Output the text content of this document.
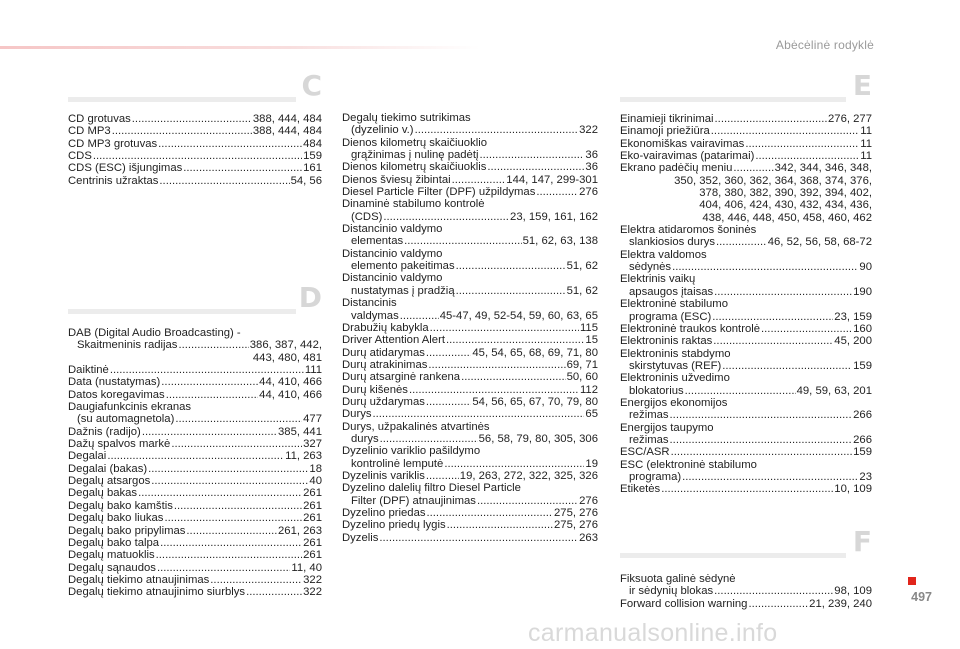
Abėcėlinė rodyklė
C
CD grotuvas .....	388, 444, 484
CD MP3 .....	388, 444, 484
CD MP3 grotuvas .....	484
CDS .....	159
CDS (ESC) išjungimas .....	161
Centrinis užraktas .....	54, 56
D
DAB (Digital Audio Broadcasting) -
Skaitmeninis radijas .....	386, 387, 442,
443, 480, 481
Daiktinė .....	111
Data (nustatymas) .....	44, 410, 466
Datos koregavimas .....	44, 410, 466
Daugiafunkcinis ekranas
(su automagnetola) .....	477
Dažnis (radijo) .....	385, 441
Dažų spalvos markė .....	327
Degalai .....	11, 263
Degalai (bakas) .....	18
Degalų atsargos .....	40
Degalų bakas .....	261
Degalų bako kamštis .....	261
Degalų bako liukas .....	261
Degalų bako pripylimas .....	261, 263
Degalų bako talpa .....	261
Degalų matuoklis .....	261
Degalų sąnaudos .....	11, 40
Degalų tiekimo atnaujinimas .....	322
Degalų tiekimo atnaujinimo siurblys .....	322
Degalų tiekimo sutrikimas
(dyzelinio v.) .....	322
Dienos kilometrų skaičiuoklio
grąžinimas į nulinę padėtį .....	36
Dienos kilometrų skaičiuoklis .....	36
Dienos šviesų žibintai .....	144, 147, 299-301
Diesel Particle Filter (DPF) užpildymas .....	276
Dinaminė stabilumo kontrolė
(CDS) .....	23, 159, 161, 162
Distancinio valdymo
elementas .....	51, 62, 63, 138
Distancinio valdymo
elemento pakeitimas .....	51, 62
Distancinio valdymo
nustatymas į pradžią .....	51, 62
Distancinis
valdymas .....	45-47, 49, 52-54, 59, 60, 63, 65
Drabužių kabykla .....	115
Driver Attention Alert .....	15
Durų atidarymas .....	45, 54, 65, 68, 69, 71, 80
Durų atrakinimas .....	69, 71
Durų atsarginė rankena .....	50, 60
Durų kišenės .....	112
Durų uždarymas .....	54, 56, 65, 67, 70, 79, 80
Durys .....	65
Durys, užpakalinės atvartinės
durys .....	56, 58, 79, 80, 305, 306
Dyzelinio variklio pašildymo
kontrolinė lemputė .....	19
Dyzelinis variklis .....	19, 263, 272, 322, 325, 326
Dyzelino dalelių filtro Diesel Particle
Filter (DPF) atnaujinimas .....	276
Dyzelino priedas .....	275, 276
Dyzelino priedų lygis .....	275, 276
Dyzelis .....	263
E
Einamieji tikrinimai .....	276, 277
Einamoji priežiūra .....	11
Ekonomiškas vairavimas .....	11
Eko-vairavimas (patarimai) .....	11
Ekrano padėčių meniu .....	342, 344, 346, 348,
350, 352, 360, 362, 364, 368, 374, 376,
378, 380, 382, 390, 392, 394, 402,
404, 406, 424, 430, 432, 434, 436,
438, 446, 448, 450, 458, 460, 462
Elektra atidaromos šoninės
slankiosios durys .....	46, 52, 56, 58, 68-72
Elektra valdomos
sėdynės .....	90
Elektrinis vaikų
apsaugos įtaisas .....	190
Elektroninė stabilumo
programa (ESC) .....	23, 159
Elektroninė traukos kontrolė .....	160
Elektroninis raktas .....	45, 200
Elektroninis stabdymo
skirstytuvas (REF) .....	159
Elektroninis užvedimo
blokatorius .....	49, 59, 63, 201
Energijos ekonomijos
režimas .....	266
Energijos taupymo
režimas .....	266
ESC/ASR .....	159
ESC (elektroninė stabilumo
programa) .....	23
Etiketės .....	10, 109
F
Fiksuota galinė sėdynė
ir sėdynių blokas .....	98, 109
Forward collision warning .....	21, 239, 240	497
carmanualsonline.info
